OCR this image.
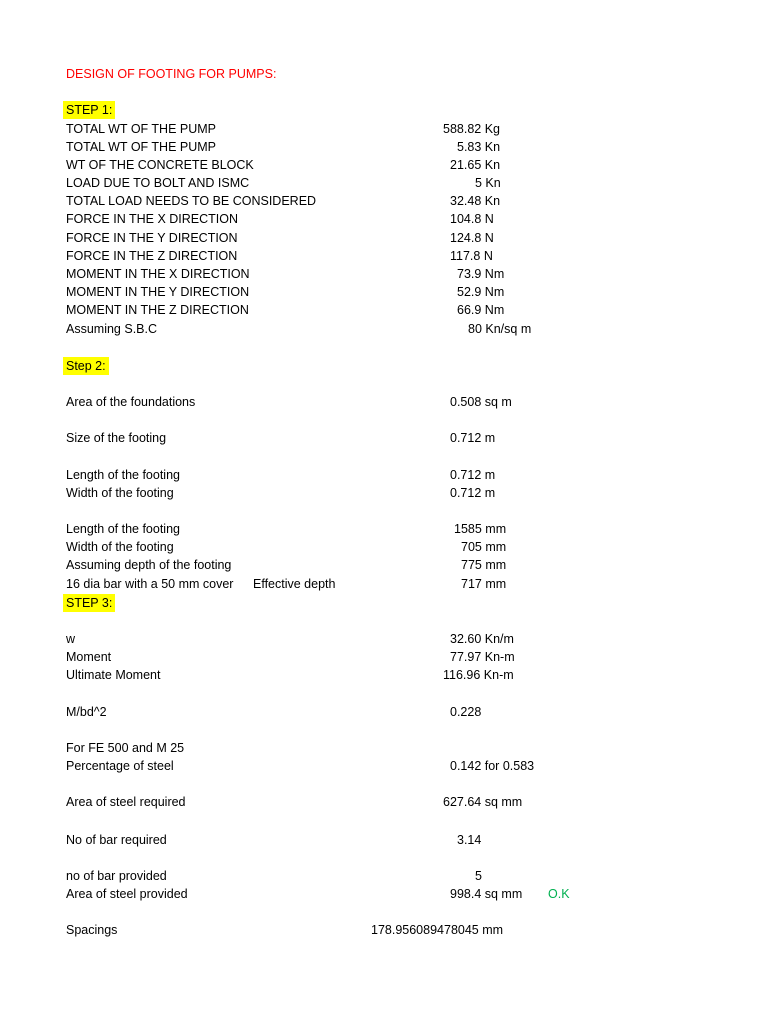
DESIGN OF FOOTING FOR PUMPS:
STEP 1:
TOTAL WT OF THE PUMP	588.82 Kg
TOTAL WT OF THE PUMP	5.83 Kn
WT OF THE CONCRETE BLOCK	21.65 Kn
LOAD DUE TO BOLT AND ISMC	5 Kn
TOTAL LOAD NEEDS TO BE CONSIDERED	32.48 Kn
FORCE IN THE X DIRECTION	104.8 N
FORCE IN THE Y DIRECTION	124.8 N
FORCE IN THE Z DIRECTION	117.8 N
MOMENT IN THE X DIRECTION	73.9 Nm
MOMENT IN THE Y DIRECTION	52.9 Nm
MOMENT IN THE Z DIRECTION	66.9 Nm
Assuming S.B.C	80 Kn/sq m
Step 2:
Area of the foundations	0.508 sq m
Size of the footing	0.712 m
Length of the footing	0.712 m
Width of the footing	0.712 m
Length of the footing	1585 mm
Width of the footing	705 mm
Assuming depth of the footing	775 mm
16 dia bar with a 50 mm cover Effective depth	717 mm
STEP 3:
w	32.60 Kn/m
Moment	77.97 Kn-m
Ultimate Moment	116.96 Kn-m
M/bd^2	0.228
For FE 500 and M 25
Percentage of steel	0.142 for 0.583
Area of steel required	627.64 sq mm
No of bar required	3.14
no of bar provided	5
Area of steel provided	998.4 sq mm O.K
Spacings	178.956089478045 mm
